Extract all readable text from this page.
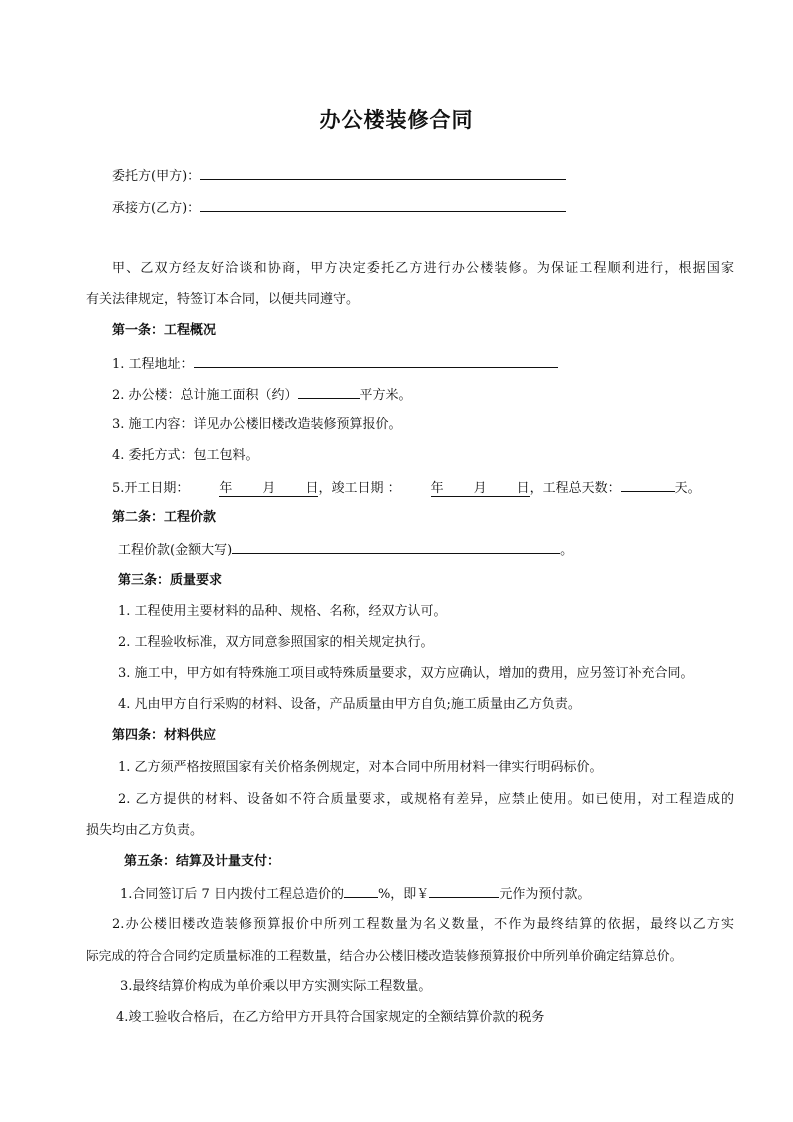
办公楼装修合同
委托方(甲方)：
承接方(乙方)：
甲、乙双方经友好洽谈和协商，甲方决定委托乙方进行办公楼装修。为保证工程顺利进行，根据国家
有关法律规定，特签订本合同，以便共同遵守。
第一条：工程概况
1. 工程地址：
2. 办公楼：总计施工面积（约）	平方米。
3. 施工内容：详见办公楼旧楼改造装修预算报价。
4. 委托方式：包工包料。
5.开工日期： 年 月 日，竣工日期 ： 年 月 日，工程总天数：	天。
第二条：工程价款
工程价款(金额大写)	。
第三条：质量要求
1. 工程使用主要材料的品种、规格、名称，经双方认可。
2. 工程验收标准，双方同意参照国家的相关规定执行。
3. 施工中，甲方如有特殊施工项目或特殊质量要求，双方应确认，增加的费用，应另签订补充合同。
4. 凡由甲方自行采购的材料、设备，产品质量由甲方自负;施工质量由乙方负责。
第四条：材料供应
1. 乙方须严格按照国家有关价格条例规定，对本合同中所用材料一律实行明码标价。
2. 乙方提供的材料、设备如不符合质量要求，或规格有差异，应禁止使用。如已使用，对工程造成的
损失均由乙方负责。
第五条：结算及计量支付：
1.合同签订后 7 日内拨付工程总造价的	%，即￥	元作为预付款。
2.办公楼旧楼改造装修预算报价中所列工程数量为名义数量，不作为最终结算的依据，最终以乙方实
际完成的符合合同约定质量标准的工程数量，结合办公楼旧楼改造装修预算报价中所列单价确定结算总价。
3.最终结算价构成为单价乘以甲方实测实际工程数量。
4.竣工验收合格后，在乙方给甲方开具符合国家规定的全额结算价款的税务
